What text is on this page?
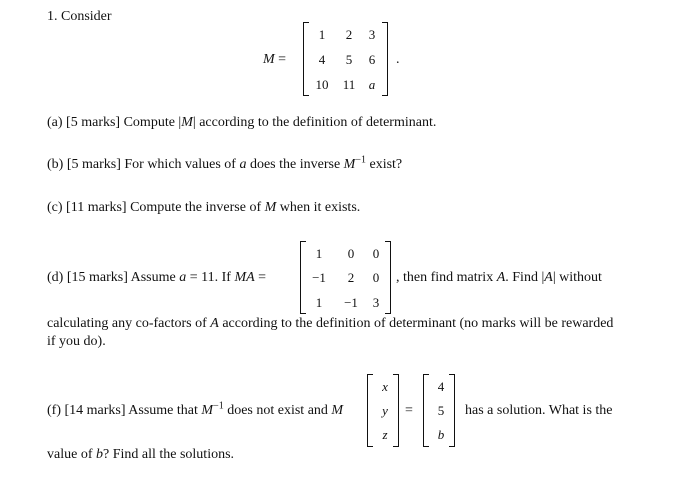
1. Consider
M =
1	2	3
4	5	6
10	11	a
.
(a) [5 marks] Compute |M| according to the definition of determinant.
(b) [5 marks] For which values of a does the inverse $M^{-1}$ exist?
(c) [11 marks] Compute the inverse of M when it exists.
(d) [15 marks] Assume a = 11. If MA =
1	0	0
−1	2	0
1	−1	3
, then find matrix A. Find |A| without
calculating any co-factors of A according to the definition of determinant (no marks will be rewarded
if you do).
(f) [14 marks] Assume that $M^{-1}$ does not exist and M
x
y
z
=
4
5
b
has a solution. What is the
value of b? Find all the solutions.
